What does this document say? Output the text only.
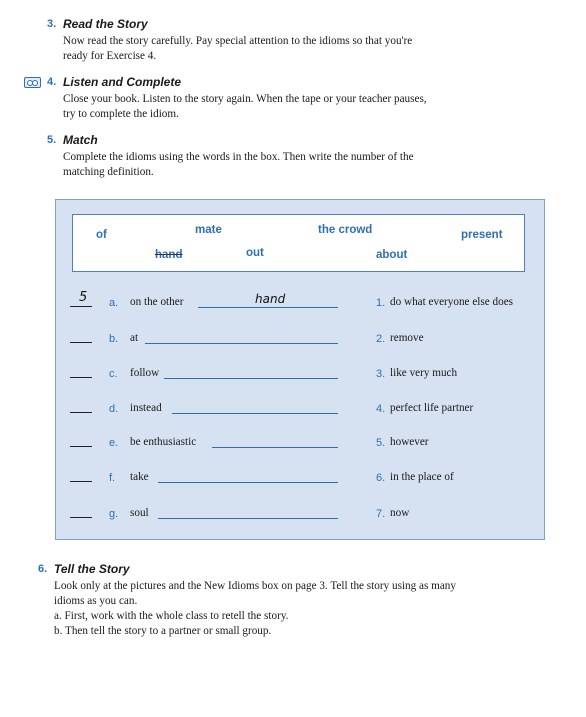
3. Read the Story
Now read the story carefully. Pay special attention to the idioms so that you're
ready for Exercise 4.
4. Listen and Complete
Close your book. Listen to the story again. When the tape or your teacher pauses,
try to complete the idiom.
5. Match
Complete the idioms using the words in the box. Then write the number of the
matching definition.
of	mate	the crowd	present
hand	out	about
5 a. on the other	hand	1. do what everyone else does
b. at	2. remove
c. follow	3. like very much
d. instead	4. perfect life partner
e. be enthusiastic	5. however
f. take	6. in the place of
g. soul	7. now
6. Tell the Story
Look only at the pictures and the New Idioms box on page 3. Tell the story using as many
idioms as you can.
a. First, work with the whole class to retell the story.
b. Then tell the story to a partner or small group.
